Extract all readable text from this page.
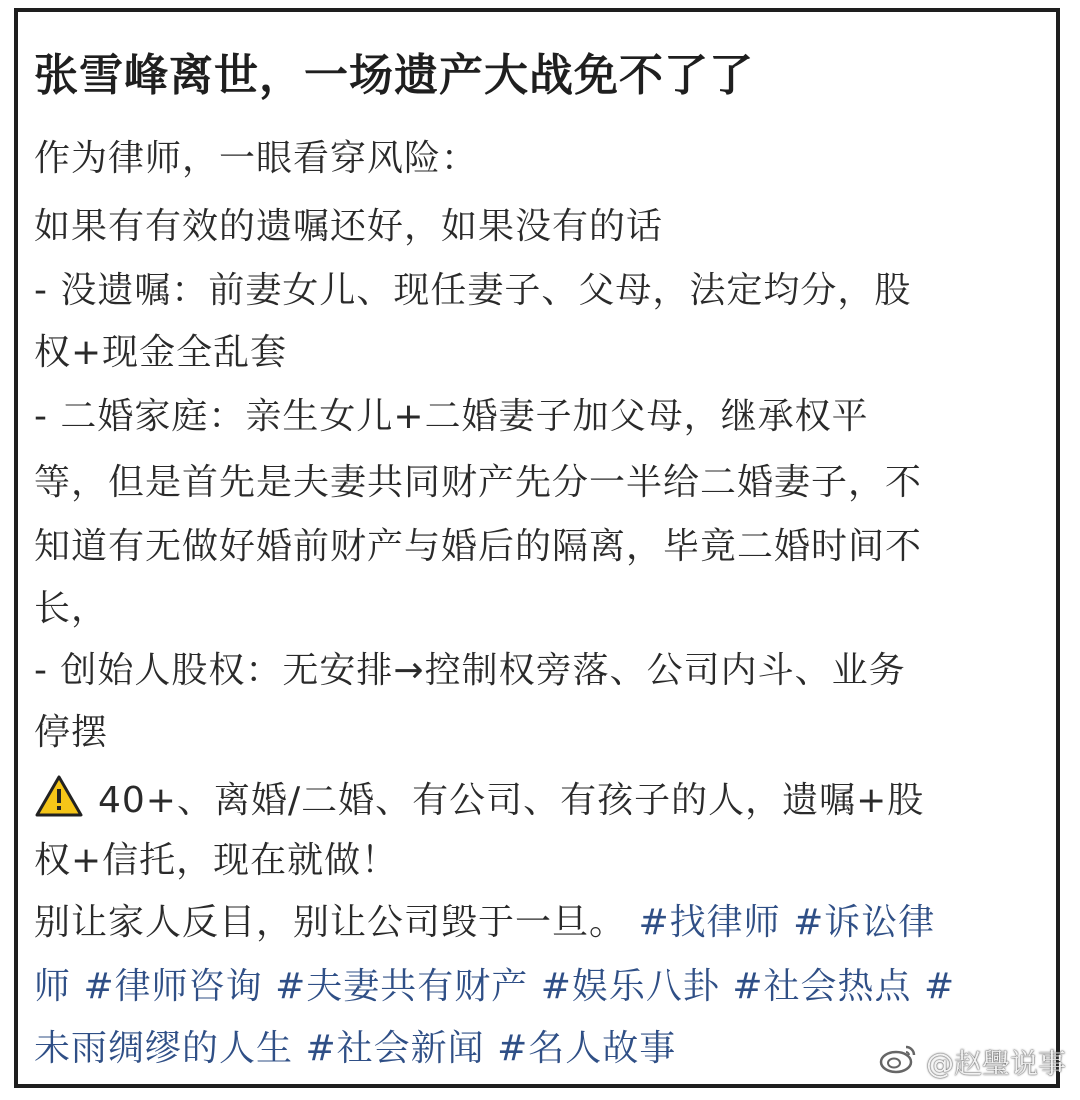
张雪峰离世，一场遗产大战免不了了
作为律师，一眼看穿风险：
如果有有效的遗嘱还好，如果没有的话
- 没遗嘱：前妻女儿、现任妻子、父母，法定均分，股
权+现金全乱套
- 二婚家庭：亲生女儿+二婚妻子加父母，继承权平
等，但是首先是夫妻共同财产先分一半给二婚妻子，不
知道有无做好婚前财产与婚后的隔离，毕竟二婚时间不
长，
- 创始人股权：无安排→控制权旁落、公司内斗、业务
停摆
40+、离婚/二婚、有公司、有孩子的人，遗嘱+股
权+信托，现在就做！
别让家人反目，别让公司毁于一旦。 #找律师 #诉讼律
师 #律师咨询 #夫妻共有财产 #娱乐八卦 #社会热点 #
未雨绸缪的人生 #社会新闻 #名人故事	@赵璺说事
